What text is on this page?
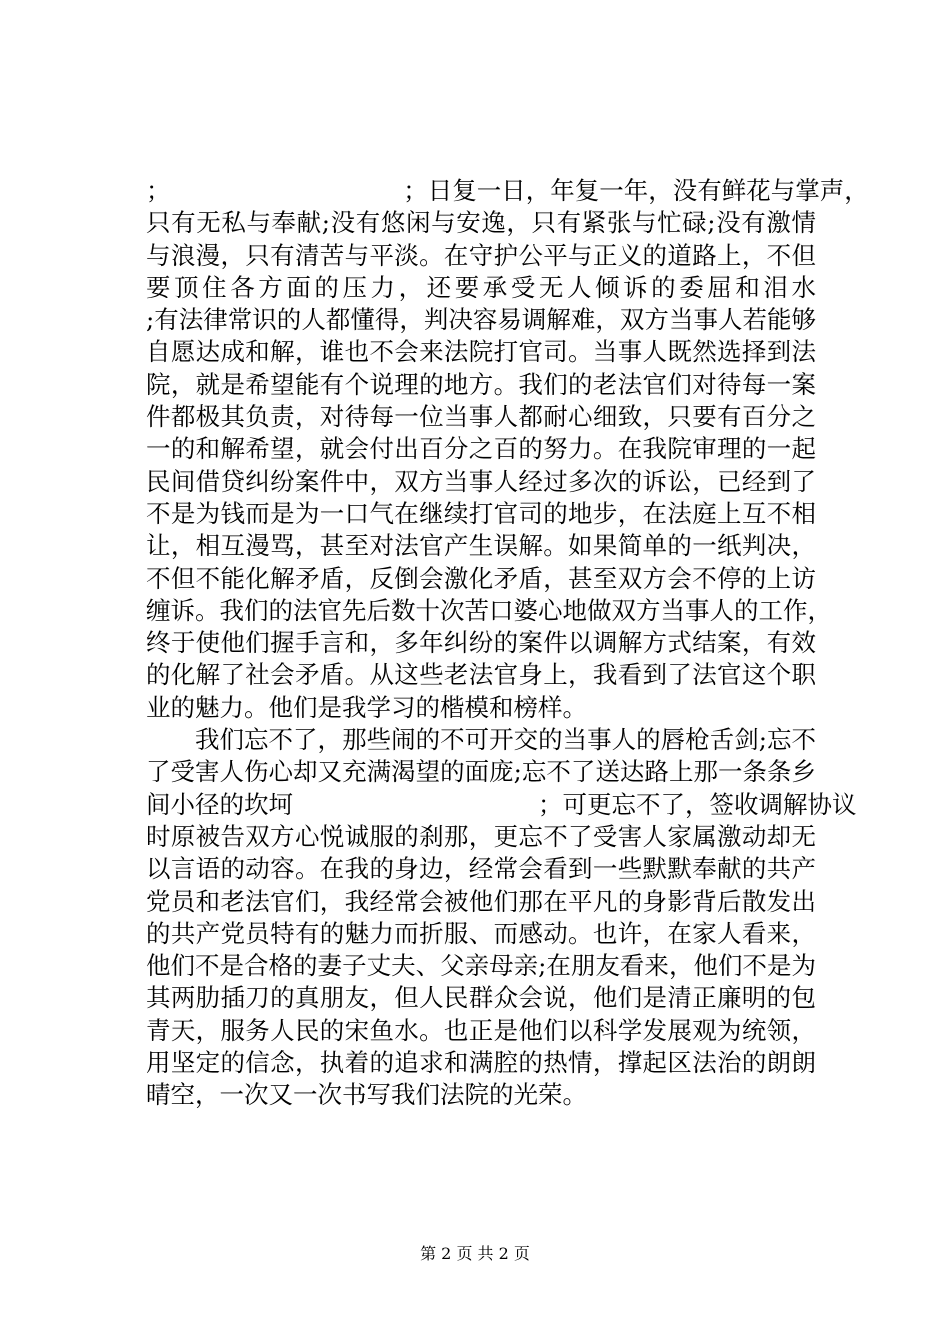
；　　　　　　　　　　；日复一日，年复一年，没有鲜花与掌声，
只有无私与奉献;没有悠闲与安逸，只有紧张与忙碌;没有激情
与浪漫，只有清苦与平淡。在守护公平与正义的道路上，不但
要顶住各方面的压力，还要承受无人倾诉的委屈和泪水
;有法律常识的人都懂得，判决容易调解难，双方当事人若能够
自愿达成和解，谁也不会来法院打官司。当事人既然选择到法
院，就是希望能有个说理的地方。我们的老法官们对待每一案
件都极其负责，对待每一位当事人都耐心细致，只要有百分之
一的和解希望，就会付出百分之百的努力。在我院审理的一起
民间借贷纠纷案件中，双方当事人经过多次的诉讼，已经到了
不是为钱而是为一口气在继续打官司的地步，在法庭上互不相
让，相互漫骂，甚至对法官产生误解。如果简单的一纸判决，
不但不能化解矛盾，反倒会激化矛盾，甚至双方会不停的上访
缠诉。我们的法官先后数十次苦口婆心地做双方当事人的工作，
终于使他们握手言和，多年纠纷的案件以调解方式结案，有效
的化解了社会矛盾。从这些老法官身上，我看到了法官这个职
业的魅力。他们是我学习的楷模和榜样。
　　我们忘不了，那些闹的不可开交的当事人的唇枪舌剑;忘不
了受害人伤心却又充满渴望的面庞;忘不了送达路上那一条条乡
间小径的坎坷　　　　　　　　　　；可更忘不了，签收调解协议
时原被告双方心悦诚服的刹那，更忘不了受害人家属激动却无
以言语的动容。在我的身边，经常会看到一些默默奉献的共产
党员和老法官们，我经常会被他们那在平凡的身影背后散发出
的共产党员特有的魅力而折服、而感动。也许，在家人看来，
他们不是合格的妻子丈夫、父亲母亲;在朋友看来，他们不是为
其两肋插刀的真朋友，但人民群众会说，他们是清正廉明的包
青天，服务人民的宋鱼水。也正是他们以科学发展观为统领，
用坚定的信念，执着的追求和满腔的热情，撑起区法治的朗朗
晴空，一次又一次书写我们法院的光荣。
第 2 页 共 2 页
